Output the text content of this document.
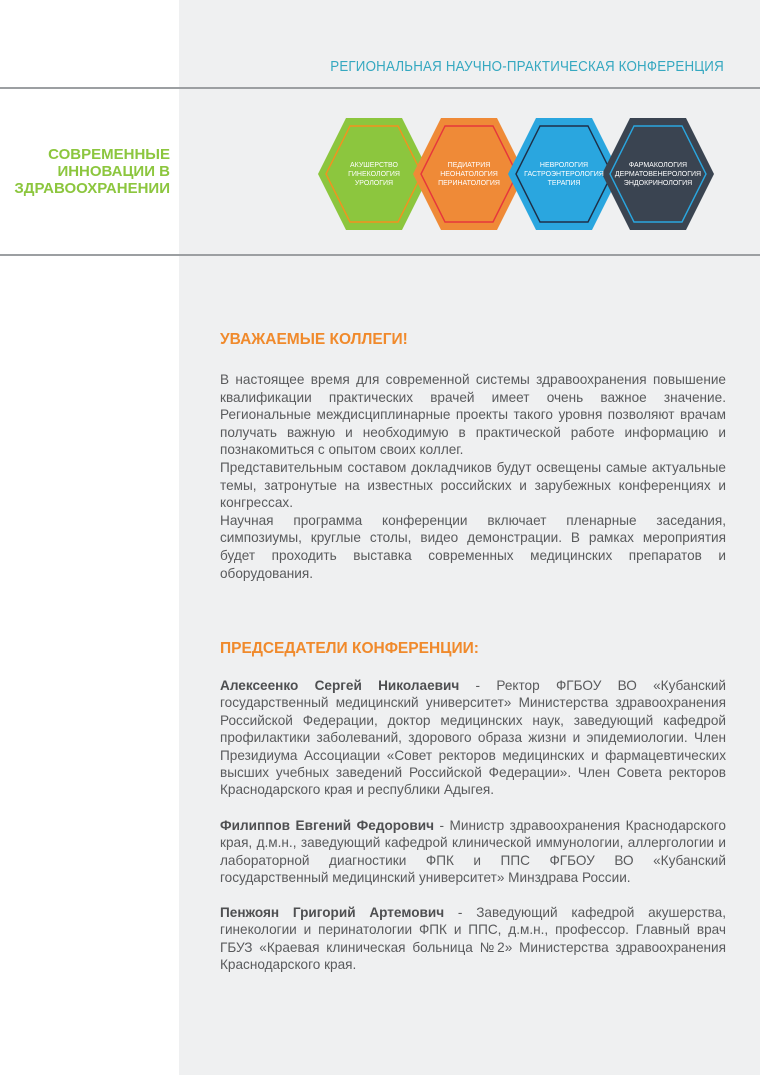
РЕГИОНАЛЬНАЯ НАУЧНО-ПРАКТИЧЕСКАЯ КОНФЕРЕНЦИЯ
СОВРЕМЕННЫЕ
ИННОВАЦИИ В
ЗДРАВООХРАНЕНИИ
АКУШЕРСТВО
ГИНЕКОЛОГИЯ
УРОЛОГИЯ
ПЕДИАТРИЯ
НЕОНАТОЛОГИЯ
ПЕРИНАТОЛОГИЯ
НЕВРОЛОГИЯ
ГАСТРОЭНТЕРОЛОГИЯ
ТЕРАПИЯ
ФАРМАКОЛОГИЯ
ДЕРМАТОВЕНЕРОЛОГИЯ
ЭНДОКРИНОЛОГИЯ
УВАЖАЕМЫЕ КОЛЛЕГИ!

В настоящее время для современной системы здравоохранения повышение квалификации практических врачей имеет очень важное значение. Региональные междисциплинарные проекты такого уровня позволяют врачам получать важную и необходимую в практической работе информацию и познакомиться с опытом своих коллег.

Представительным составом докладчиков будут освещены самые актуальные темы, затронутые на известных российских и зарубежных конференциях и конгрессах.

Научная программа конференции включает пленарные заседания, симпозиумы, круглые столы, видео демонстрации. В рамках мероприятия будет проходить выставка современных медицинских препаратов и оборудования.

ПРЕДСЕДАТЕЛИ КОНФЕРЕНЦИИ:

Алексеенко Сергей Николаевич - Ректор ФГБОУ ВО «Кубанский государственный медицинский университет» Министерства здравоохранения Российской Федерации, доктор медицинских наук, заведующий кафедрой профилактики заболеваний, здорового образа жизни и эпидемиологии. Член Президиума Ассоциации «Совет ректоров медицинских и фармацевтических высших учебных заведений Российской Федерации». Член Совета ректоров Краснодарского края и республики Адыгея.

Филиппов Евгений Федорович - Министр здравоохранения Краснодарского края, д.м.н., заведующий кафедрой клинической иммунологии, аллергологии и лабораторной диагностики ФПК и ППС ФГБОУ ВО «Кубанский государственный медицинский университет» Минздрава России.

Пенжоян Григорий Артемович - Заведующий кафедрой акушерства, гинекологии и перинатологии ФПК и ППС, д.м.н., профессор. Главный врач ГБУЗ «Краевая клиническая больница №2» Министерства здравоохранения Краснодарского края.
